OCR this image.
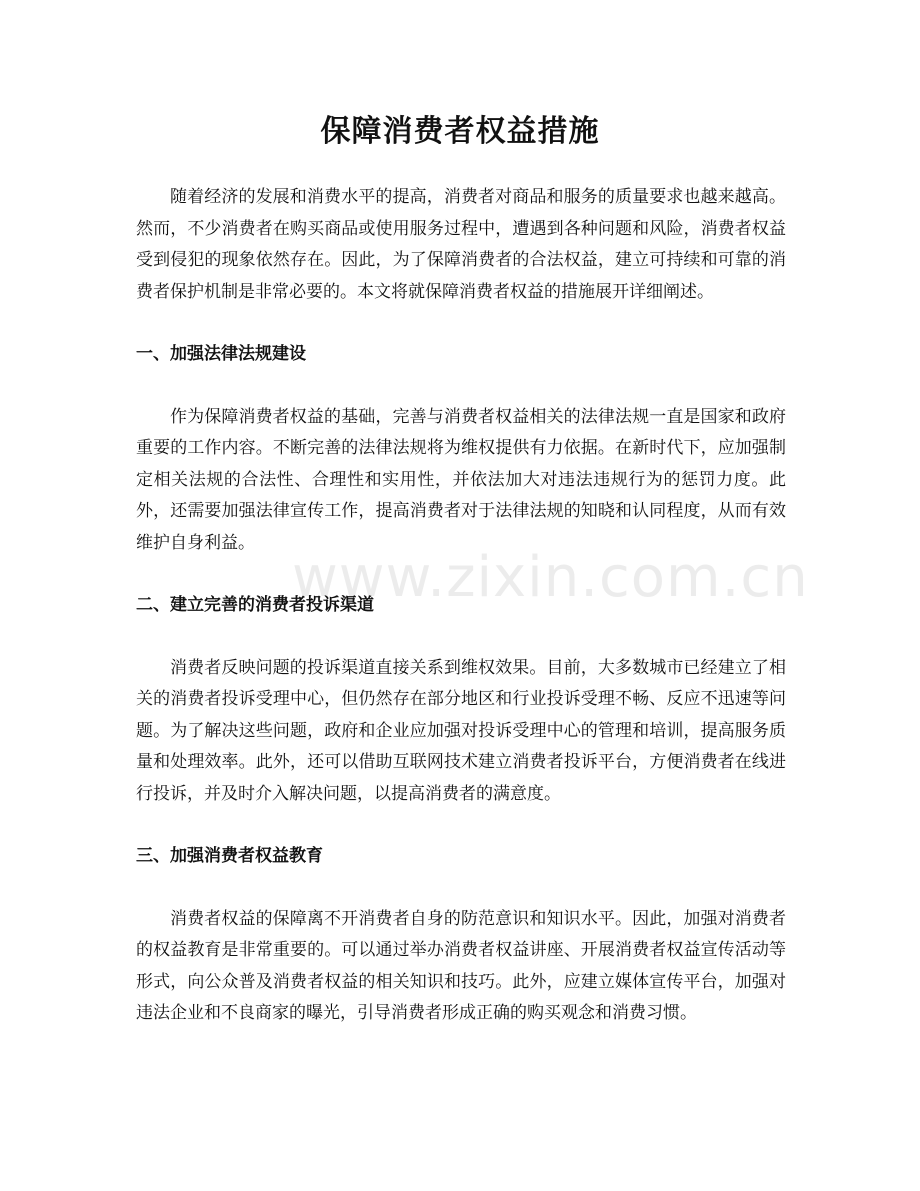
保障消费者权益措施

随着经济的发展和消费水平的提高，消费者对商品和服务的质量要求也越来越高。然而，不少消费者在购买商品或使用服务过程中，遭遇到各种问题和风险，消费者权益受到侵犯的现象依然存在。因此，为了保障消费者的合法权益，建立可持续和可靠的消费者保护机制是非常必要的。本文将就保障消费者权益的措施展开详细阐述。

一、加强法律法规建设

作为保障消费者权益的基础，完善与消费者权益相关的法律法规一直是国家和政府重要的工作内容。不断完善的法律法规将为维权提供有力依据。在新时代下，应加强制定相关法规的合法性、合理性和实用性，并依法加大对违法违规行为的惩罚力度。此外，还需要加强法律宣传工作，提高消费者对于法律法规的知晓和认同程度，从而有效维护自身利益。

二、建立完善的消费者投诉渠道

消费者反映问题的投诉渠道直接关系到维权效果。目前，大多数城市已经建立了相关的消费者投诉受理中心，但仍然存在部分地区和行业投诉受理不畅、反应不迅速等问题。为了解决这些问题，政府和企业应加强对投诉受理中心的管理和培训，提高服务质量和处理效率。此外，还可以借助互联网技术建立消费者投诉平台，方便消费者在线进行投诉，并及时介入解决问题，以提高消费者的满意度。

三、加强消费者权益教育

消费者权益的保障离不开消费者自身的防范意识和知识水平。因此，加强对消费者的权益教育是非常重要的。可以通过举办消费者权益讲座、开展消费者权益宣传活动等形式，向公众普及消费者权益的相关知识和技巧。此外，应建立媒体宣传平台，加强对违法企业和不良商家的曝光，引导消费者形成正确的购买观念和消费习惯。

www.zixin.com.cn
